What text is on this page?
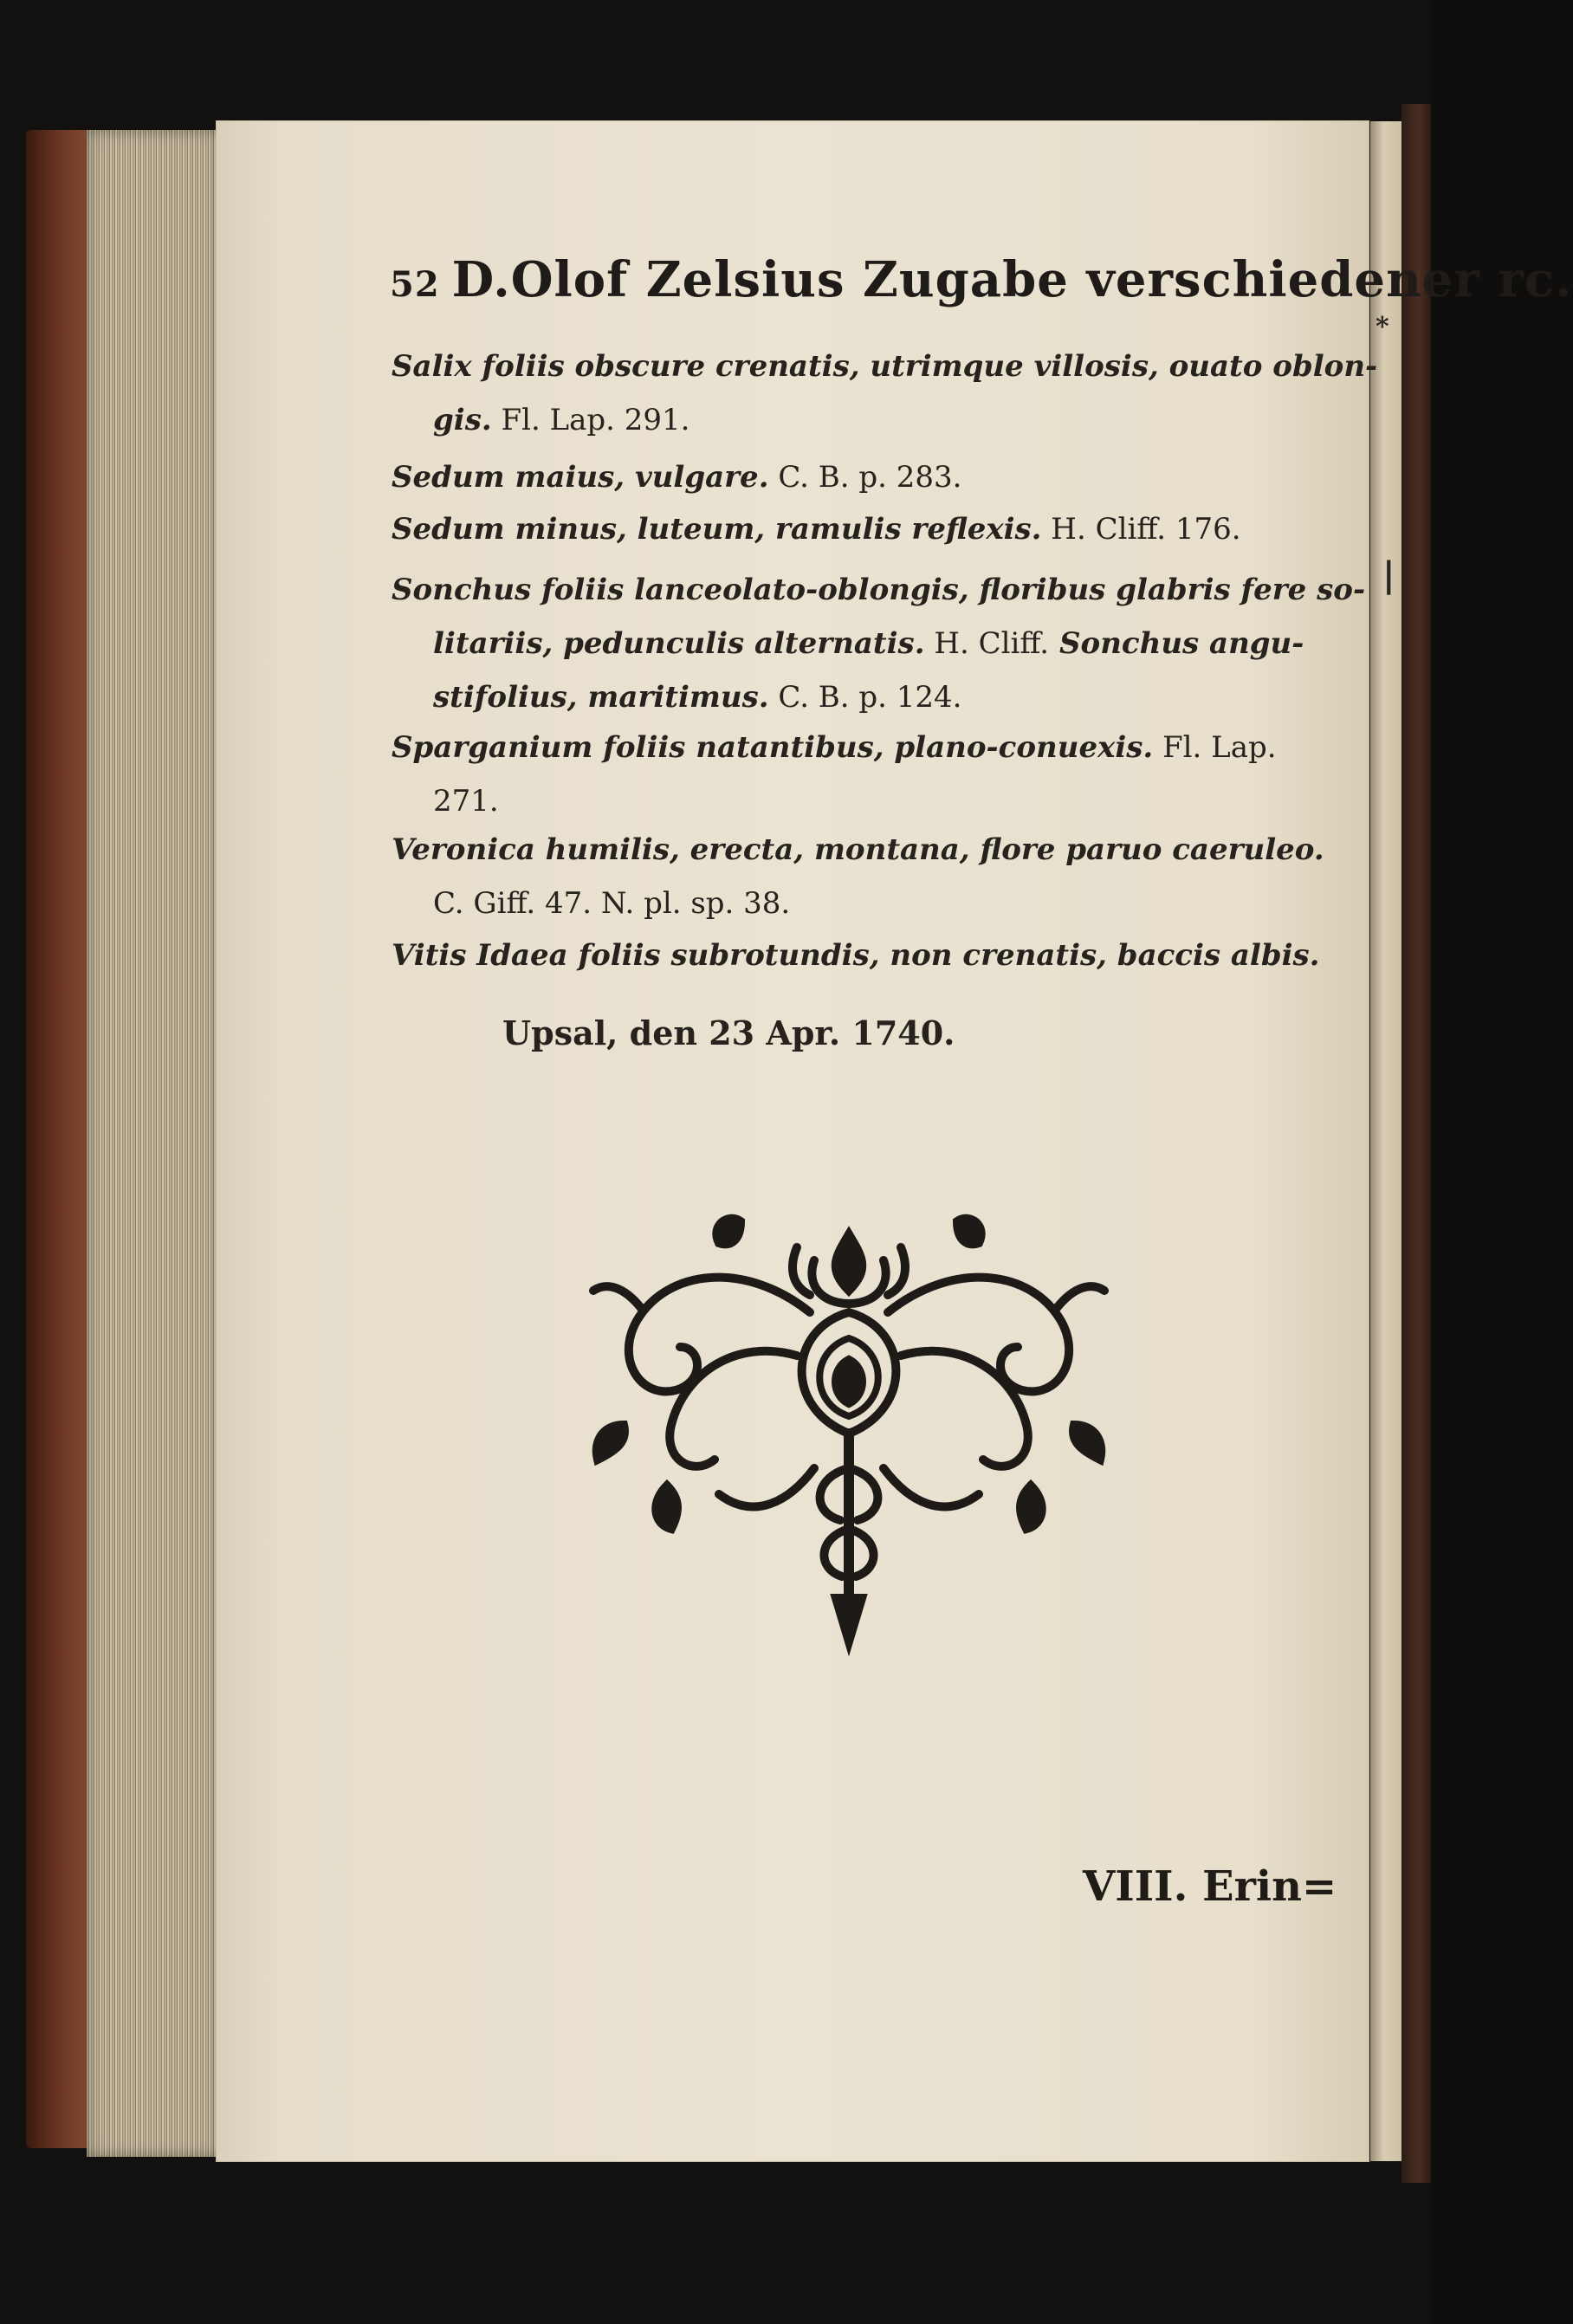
*
|
52 D.Olof Zelsius Zugabe verschiedener rc.
Salix foliis obscure crenatis, utrimque villosis, ouato oblon-
gis. Fl. Lap. 291.
Sedum maius, vulgare. C. B. p. 283.
Sedum minus, luteum, ramulis reflexis. H. Cliff. 176.
Sonchus foliis lanceolato-oblongis, floribus glabris fere so-
litariis, pedunculis alternatis. H. Cliff. Sonchus angu-
stifolius, maritimus. C. B. p. 124.
Sparganium foliis natantibus, plano-conuexis. Fl. Lap.
271.
Veronica humilis, erecta, montana, flore paruo caeruleo.
C. Giff. 47. N. pl. sp. 38.
Vitis Idaea foliis subrotundis, non crenatis, baccis albis.
Upsal, den 23 Apr. 1740.
VIII. Erin=
